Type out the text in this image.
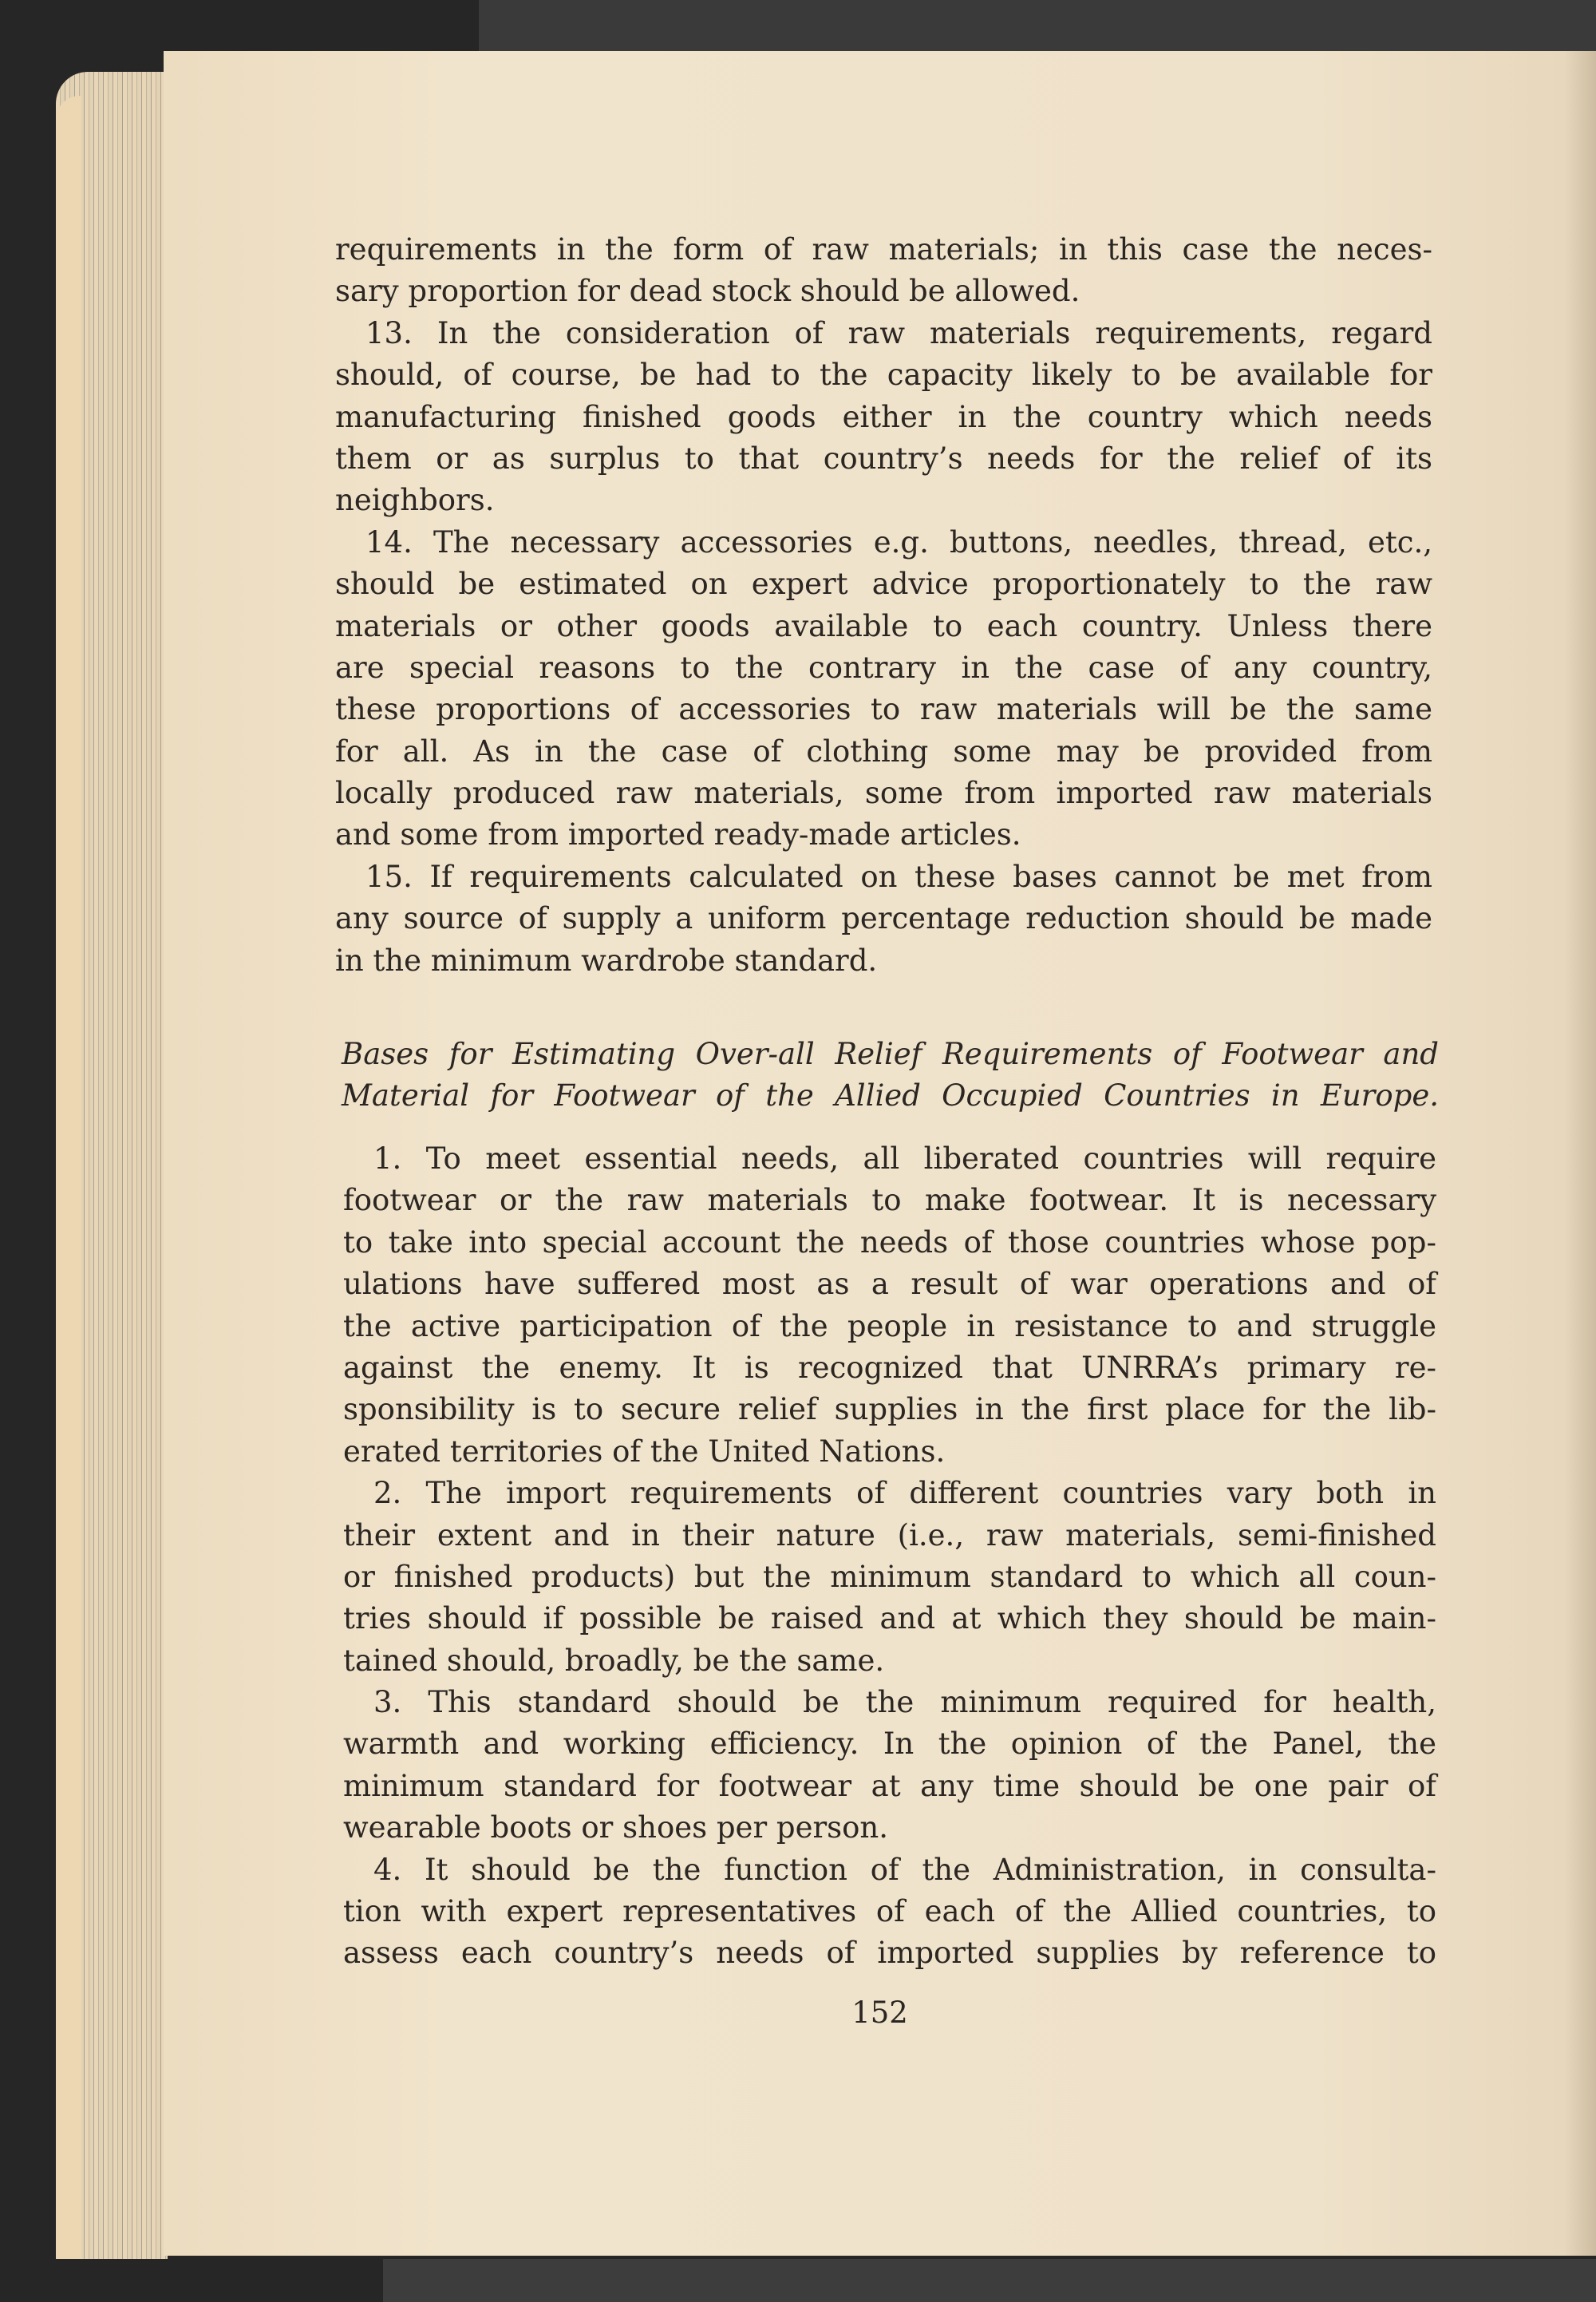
requirements in the form of raw materials; in this case the neces-
sary proportion for dead stock should be allowed.
13. In the consideration of raw materials requirements, regard
should, of course, be had to the capacity likely to be available for
manufacturing finished goods either in the country which needs
them or as surplus to that country’s needs for the relief of its
neighbors.
14. The necessary accessories e.g. buttons, needles, thread, etc.,
should be estimated on expert advice proportionately to the raw
materials or other goods available to each country. Unless there
are special reasons to the contrary in the case of any country,
these proportions of accessories to raw materials will be the same
for all. As in the case of clothing some may be provided from
locally produced raw materials, some from imported raw materials
and some from imported ready-made articles.
15. If requirements calculated on these bases cannot be met from
any source of supply a uniform percentage reduction should be made
in the minimum wardrobe standard.
Bases for Estimating Over-all Relief Requirements of Footwear and
Material for Footwear of the Allied Occupied Countries in Europe.
1. To meet essential needs, all liberated countries will require
footwear or the raw materials to make footwear. It is necessary
to take into special account the needs of those countries whose pop-
ulations have suffered most as a result of war operations and of
the active participation of the people in resistance to and struggle
against the enemy. It is recognized that UNRRA’s primary re-
sponsibility is to secure relief supplies in the first place for the lib-
erated territories of the United Nations.
2. The import requirements of different countries vary both in
their extent and in their nature (i.e., raw materials, semi-finished
or finished products) but the minimum standard to which all coun-
tries should if possible be raised and at which they should be main-
tained should, broadly, be the same.
3. This standard should be the minimum required for health,
warmth and working efficiency. In the opinion of the Panel, the
minimum standard for footwear at any time should be one pair of
wearable boots or shoes per person.
4. It should be the function of the Administration, in consulta-
tion with expert representatives of each of the Allied countries, to
assess each country’s needs of imported supplies by reference to
152
